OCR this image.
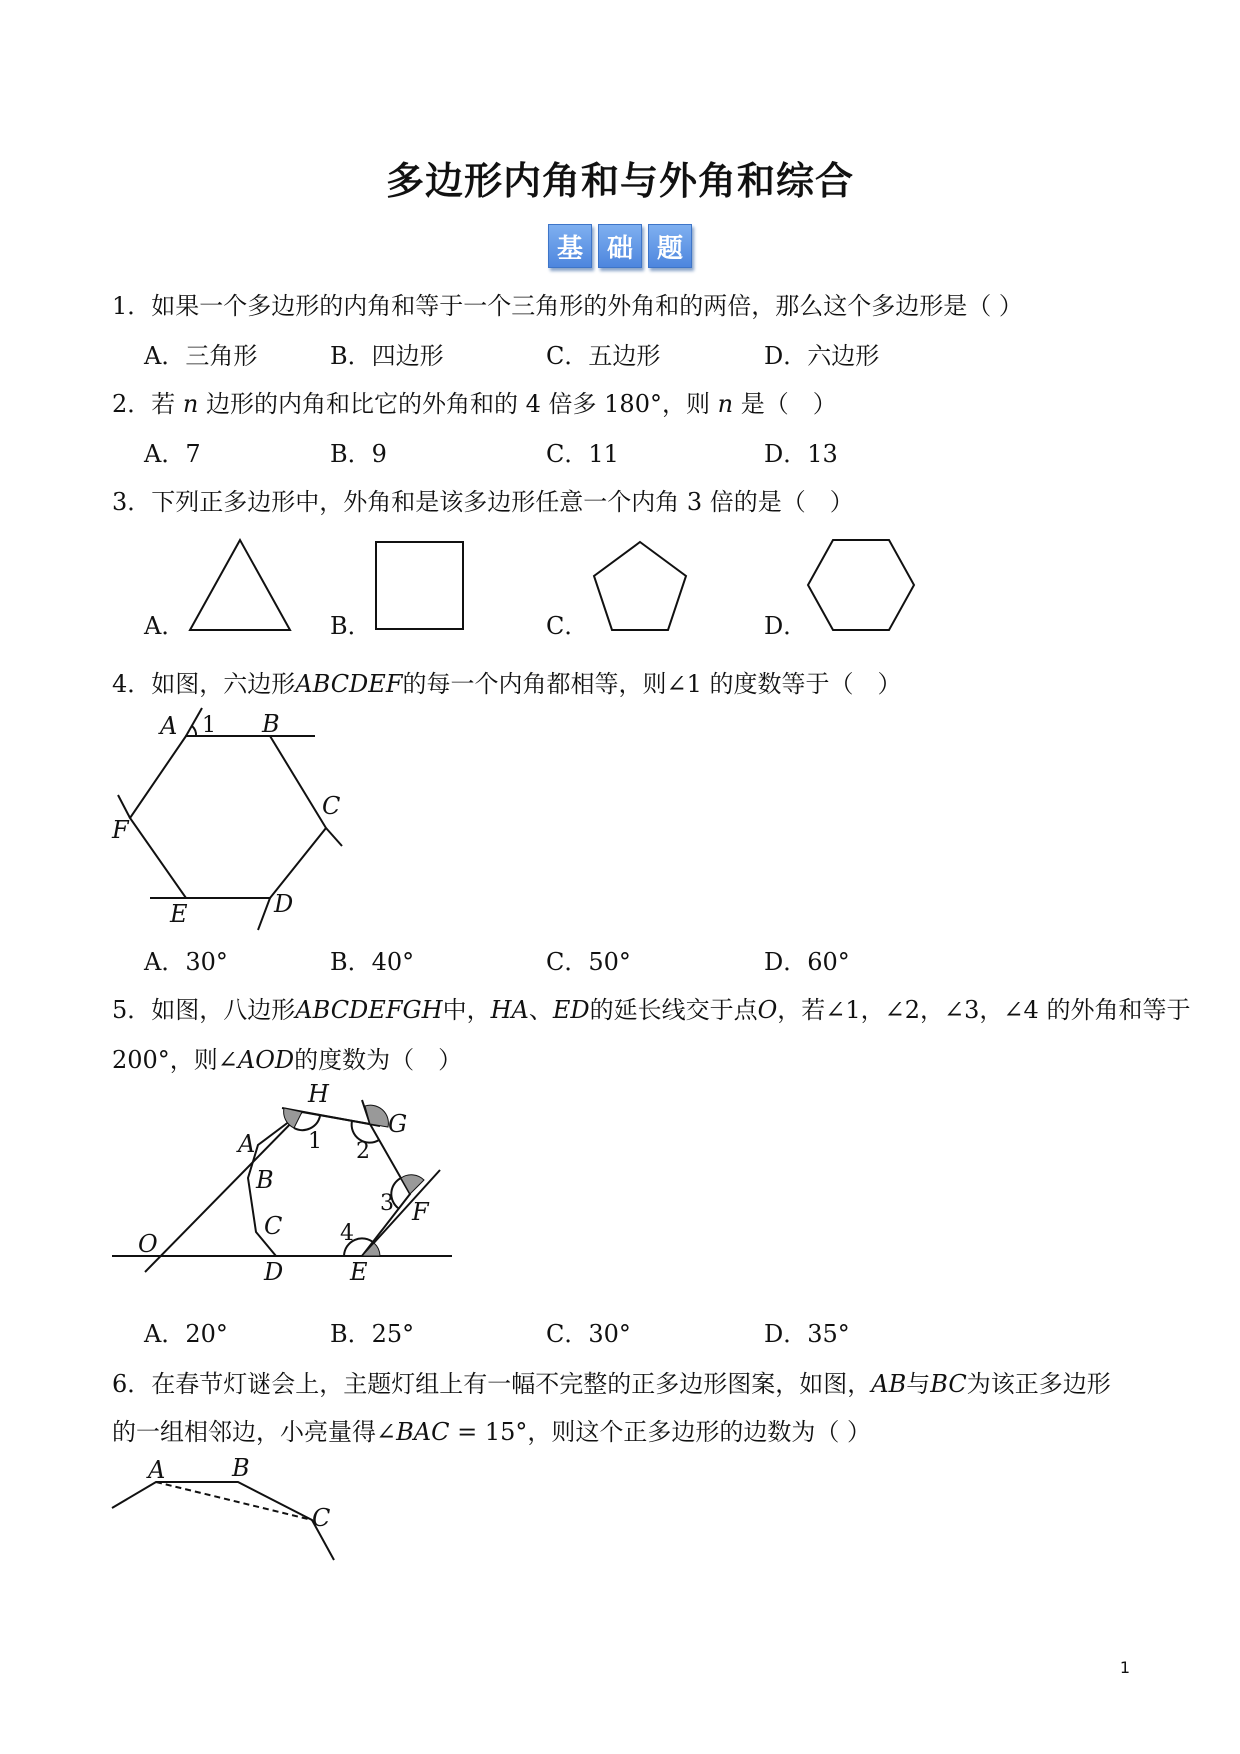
多边形内角和与外角和综合
基 础 题
1．如果一个多边形的内角和等于一个三角形的外角和的两倍，那么这个多边形是（ ）
A．三角形	B．四边形	C．五边形	D．六边形
2．若 n 边形的内角和比它的外角和的 4 倍多 180°，则 n 是（　）
A．7	B．9	C．11	D．13
3．下列正多边形中，外角和是该多边形任意一个内角 3 倍的是（　）
A．	B．	C．	D．
4．如图，六边形ABCDEF的每一个内角都相等，则∠1 的度数等于（　）
A 1 B
C
F
E	D
A．30°	B．40°	C．50°	D．60°
5．如图，八边形ABCDEFGH中，HA、ED的延长线交于点O，若∠1，∠2，∠3，∠4 的外角和等于
200°，则∠AOD的度数为（　）
H
G
1 2
A
B
3 F
C	4
O
D	E
A．20°	B．25°	C．30°	D．35°
6．在春节灯谜会上，主题灯组上有一幅不完整的正多边形图案，如图，AB与BC为该正多边形
的一组相邻边，小亮量得∠BAC = 15°，则这个正多边形的边数为（ ）
A	B
C
1
